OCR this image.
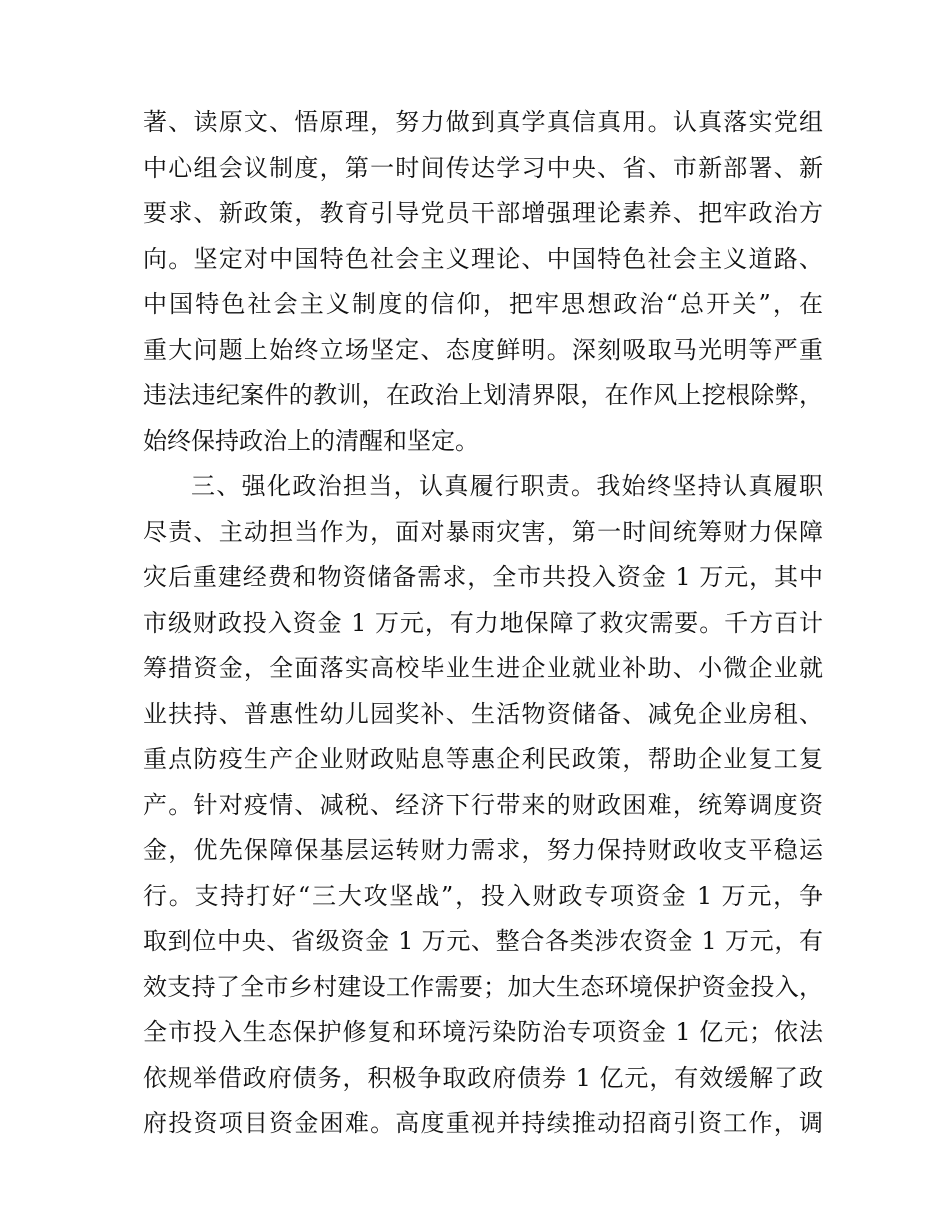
著、读原文、悟原理，努力做到真学真信真用。认真落实党组
中心组会议制度，第一时间传达学习中央、省、市新部署、新
要求、新政策，教育引导党员干部增强理论素养、把牢政治方
向。坚定对中国特色社会主义理论、中国特色社会主义道路、
中国特色社会主义制度的信仰，把牢思想政治“总开关”，在
重大问题上始终立场坚定、态度鲜明。深刻吸取马光明等严重
违法违纪案件的教训，在政治上划清界限，在作风上挖根除弊，
始终保持政治上的清醒和坚定。
三、强化政治担当，认真履行职责。我始终坚持认真履职
尽责、主动担当作为，面对暴雨灾害，第一时间统筹财力保障
灾后重建经费和物资储备需求，全市共投入资金 1 万元，其中
市级财政投入资金 1 万元，有力地保障了救灾需要。千方百计
筹措资金，全面落实高校毕业生进企业就业补助、小微企业就
业扶持、普惠性幼儿园奖补、生活物资储备、减免企业房租、
重点防疫生产企业财政贴息等惠企利民政策，帮助企业复工复
产。针对疫情、减税、经济下行带来的财政困难，统筹调度资
金，优先保障保基层运转财力需求，努力保持财政收支平稳运
行。支持打好“三大攻坚战”，投入财政专项资金 1 万元，争
取到位中央、省级资金 1 万元、整合各类涉农资金 1 万元，有
效支持了全市乡村建设工作需要；加大生态环境保护资金投入，
全市投入生态保护修复和环境污染防治专项资金 1 亿元；依法
依规举借政府债务，积极争取政府债券 1 亿元，有效缓解了政
府投资项目资金困难。高度重视并持续推动招商引资工作，调
